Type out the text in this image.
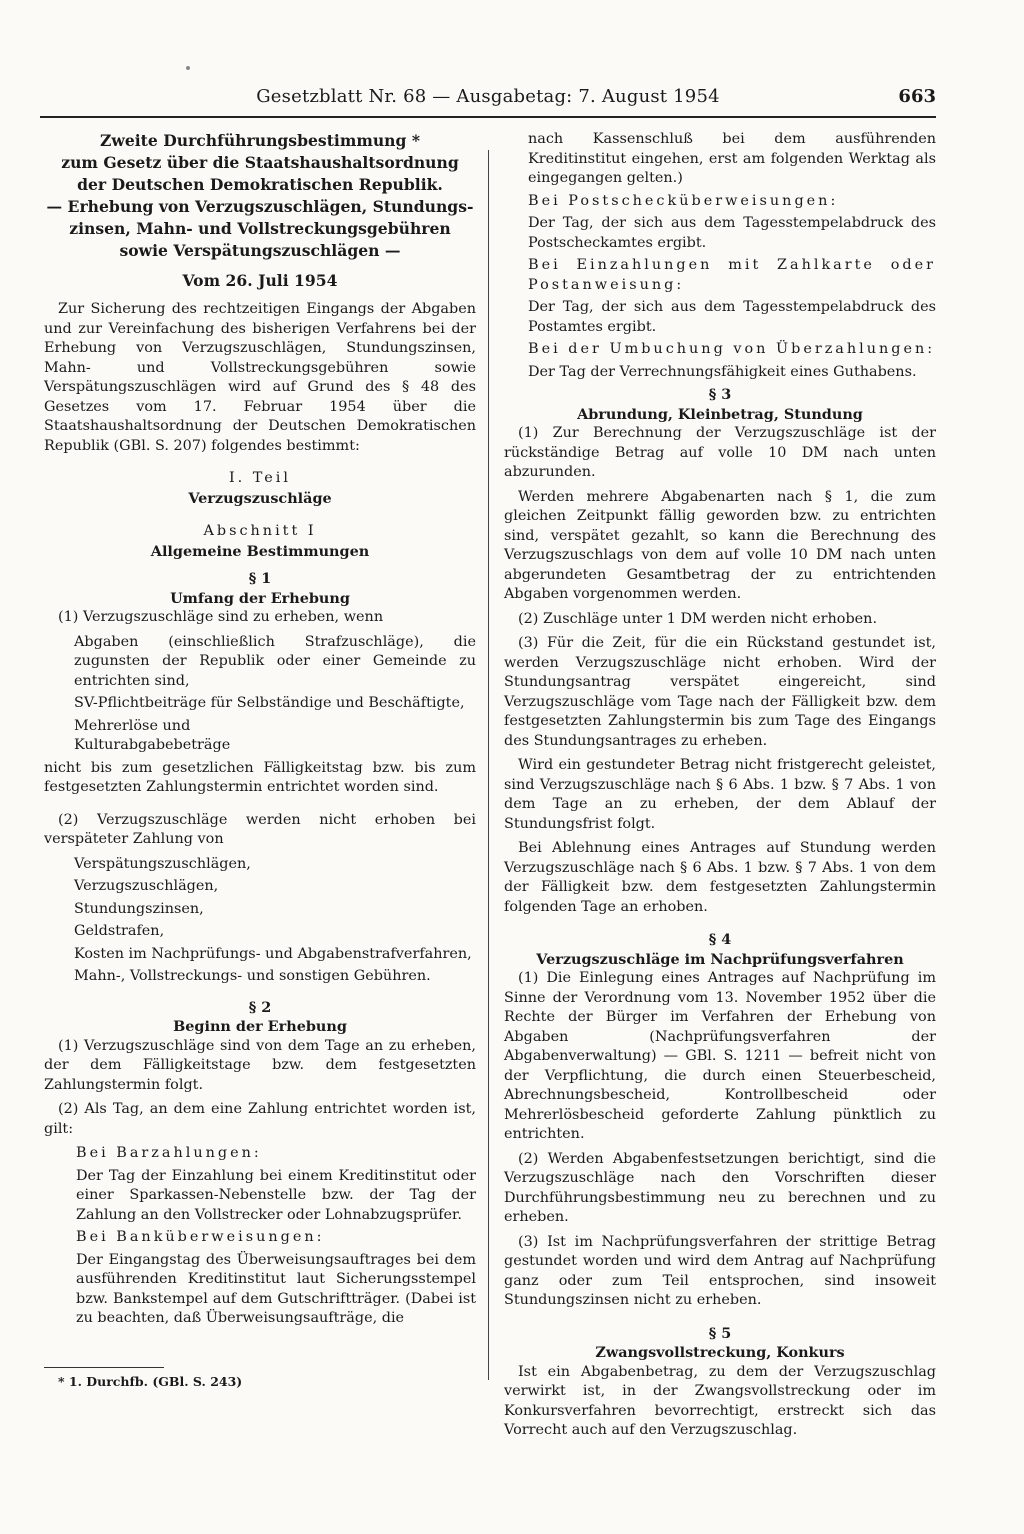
Gesetzblatt Nr. 68 — Ausgabetag: 7. August 1954	663
Zweite Durchführungsbestimmung *
zum Gesetz über die Staatshaushaltsordnung
der Deutschen Demokratischen Republik.
— Erhebung von Verzugszuschlägen, Stundungs-
zinsen, Mahn- und Vollstreckungsgebühren
sowie Verspätungszuschlägen —
Vom 26. Juli 1954

Zur Sicherung des rechtzeitigen Eingangs der Abgaben und zur Vereinfachung des bisherigen Verfahrens bei der Erhebung von Verzugszuschlägen, Stundungszinsen, Mahn- und Vollstreckungsgebühren sowie Verspätungszuschlägen wird auf Grund des § 48 des Gesetzes vom 17. Februar 1954 über die Staatshaushaltsordnung der Deutschen Demokratischen Republik (GBl. S. 207) folgendes bestimmt:

I. Teil
Verzugszuschläge
Abschnitt I
Allgemeine Bestimmungen
§ 1
Umfang der Erhebung

(1) Verzugszuschläge sind zu erheben, wenn

Abgaben (einschließlich Strafzuschläge), die zugunsten der Republik oder einer Gemeinde zu entrichten sind,

SV-Pflichtbeiträge für Selbständige und Beschäftigte,

Mehrerlöse und

Kulturabgabebeträge

nicht bis zum gesetzlichen Fälligkeitstag bzw. bis zum festgesetzten Zahlungstermin entrichtet worden sind.

(2) Verzugszuschläge werden nicht erhoben bei verspäteter Zahlung von

Verspätungszuschlägen,

Verzugszuschlägen,

Stundungszinsen,

Geldstrafen,

Kosten im Nachprüfungs- und Abgabenstrafverfahren,

Mahn-, Vollstreckungs- und sonstigen Gebühren.

§ 2
Beginn der Erhebung

(1) Verzugszuschläge sind von dem Tage an zu erheben, der dem Fälligkeitstage bzw. dem festgesetzten Zahlungstermin folgt.

(2) Als Tag, an dem eine Zahlung entrichtet worden ist, gilt:

Bei Barzahlungen:

Der Tag der Einzahlung bei einem Kreditinstitut oder einer Sparkassen-Nebenstelle bzw. der Tag der Zahlung an den Vollstrecker oder Lohnabzugsprüfer.

Bei Banküberweisungen:

Der Eingangstag des Überweisungsauftrages bei dem ausführenden Kreditinstitut laut Sicherungsstempel bzw. Bankstempel auf dem Gutschriftträger. (Dabei ist zu beachten, daß Überweisungsaufträge, die

nach Kassenschluß bei dem ausführenden Kreditinstitut eingehen, erst am folgenden Werktag als eingegangen gelten.)

Bei Postschecküberweisungen:

Der Tag, der sich aus dem Tagesstempelabdruck des Postscheckamtes ergibt.

Bei Einzahlungen mit Zahlkarte oder Postanweisung:

Der Tag, der sich aus dem Tagesstempelabdruck des Postamtes ergibt.

Bei der Umbuchung von Überzahlungen:

Der Tag der Verrechnungsfähigkeit eines Guthabens.

§ 3
Abrundung, Kleinbetrag, Stundung

(1) Zur Berechnung der Verzugszuschläge ist der rückständige Betrag auf volle 10 DM nach unten abzurunden.

Werden mehrere Abgabenarten nach § 1, die zum gleichen Zeitpunkt fällig geworden bzw. zu entrichten sind, verspätet gezahlt, so kann die Berechnung des Verzugszuschlags von dem auf volle 10 DM nach unten abgerundeten Gesamtbetrag der zu entrichtenden Abgaben vorgenommen werden.

(2) Zuschläge unter 1 DM werden nicht erhoben.

(3) Für die Zeit, für die ein Rückstand gestundet ist, werden Verzugszuschläge nicht erhoben. Wird der Stundungsantrag verspätet eingereicht, sind Verzugszuschläge vom Tage nach der Fälligkeit bzw. dem festgesetzten Zahlungstermin bis zum Tage des Eingangs des Stundungsantrages zu erheben.

Wird ein gestundeter Betrag nicht fristgerecht geleistet, sind Verzugszuschläge nach § 6 Abs. 1 bzw. § 7 Abs. 1 von dem Tage an zu erheben, der dem Ablauf der Stundungsfrist folgt.

Bei Ablehnung eines Antrages auf Stundung werden Verzugszuschläge nach § 6 Abs. 1 bzw. § 7 Abs. 1 von dem der Fälligkeit bzw. dem festgesetzten Zahlungstermin folgenden Tage an erhoben.

§ 4
Verzugszuschläge im Nachprüfungsverfahren

(1) Die Einlegung eines Antrages auf Nachprüfung im Sinne der Verordnung vom 13. November 1952 über die Rechte der Bürger im Verfahren der Erhebung von Abgaben (Nachprüfungsverfahren der Abgabenverwaltung) — GBl. S. 1211 — befreit nicht von der Verpflichtung, die durch einen Steuerbescheid, Abrechnungsbescheid, Kontrollbescheid oder Mehrerlösbescheid geforderte Zahlung pünktlich zu entrichten.

(2) Werden Abgabenfestsetzungen berichtigt, sind die Verzugszuschläge nach den Vorschriften dieser Durchführungsbestimmung neu zu berechnen und zu erheben.

(3) Ist im Nachprüfungsverfahren der strittige Betrag gestundet worden und wird dem Antrag auf Nachprüfung ganz oder zum Teil entsprochen, sind insoweit Stundungszinsen nicht zu erheben.

§ 5
Zwangsvollstreckung, Konkurs

Ist ein Abgabenbetrag, zu dem der Verzugszuschlag verwirkt ist, in der Zwangsvollstreckung oder im Konkursverfahren bevorrechtigt, erstreckt sich das Vorrecht auch auf den Verzugszuschlag.

* 1. Durchfb. (GBl. S. 243)
